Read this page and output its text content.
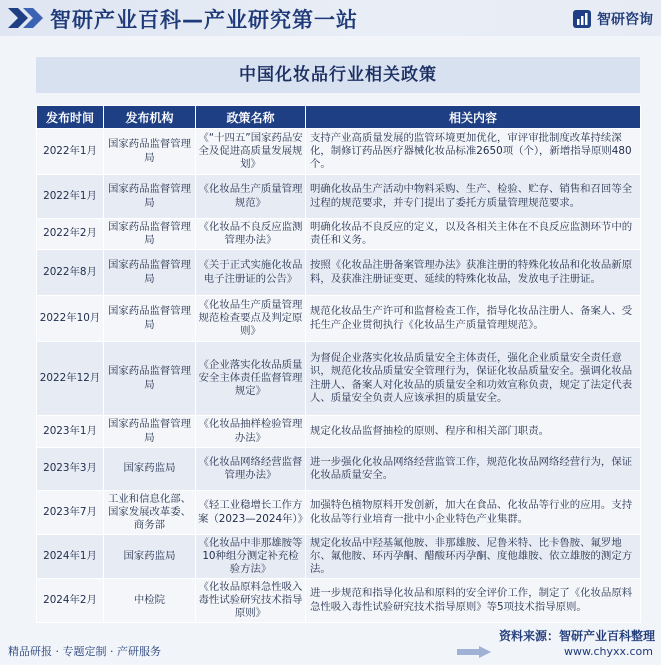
智研产业百科—产业研究第一站	智研咨询
中国化妆品行业相关政策
发布时间	发布机构	政策名称	相关内容
2022年1月	国家药品监督管理局	《“十四五”国家药品安全及促进高质量发展规划》	支持产业高质量发展的监管环境更加优化，审评审批制度改革持续深化，制修订药品医疗器械化妆品标准2650项（个），新增指导原则480个。
2022年1月	国家药品监督管理局	《化妆品生产质量管理规范》	明确化妆品生产活动中物料采购、生产、检验、贮存、销售和召回等全过程的规范要求，并专门提出了委托方质量管理规范要求。
2022年2月	国家药品监督管理局	《化妆品不良反应监测管理办法》	明确化妆品不良反应的定义，以及各相关主体在不良反应监测环节中的责任和义务。
2022年8月	国家药品监督管理局	《关于正式实施化妆品电子注册证的公告》	按照《化妆品注册备案管理办法》获准注册的特殊化妆品和化妆品新原料，及获准注册证变更、延续的特殊化妆品，发放电子注册证。
2022年10月	国家药品监督管理局	《化妆品生产质量管理规范检查要点及判定原则》	规范化妆品生产许可和监督检查工作，指导化妆品注册人、备案人、受托生产企业贯彻执行《化妆品生产质量管理规范》。
2022年12月	国家药品监督管理局	《企业落实化妆品质量安全主体责任监督管理规定》	为督促企业落实化妆品质量安全主体责任，强化企业质量安全责任意识，规范化妆品质量安全管理行为，保证化妆品质量安全。强调化妆品注册人、备案人对化妆品的质量安全和功效宣称负责，规定了法定代表人、质量安全负责人应该承担的质量安全。
2023年1月	国家药品监督管理局	《化妆品抽样检验管理办法》	规定化妆品监督抽检的原则、程序和相关部门职责。
2023年3月	国家药监局	《化妆品网络经营监督管理办法》	进一步强化化妆品网络经营监管工作，规范化妆品网络经营行为，保证化妆品质量安全。
2023年7月	工业和信息化部、国家发展改革委、商务部	《轻工业稳增长工作方案（2023—2024年）》	加强特色植物原料开发创新，加大在食品、化妆品等行业的应用。支持化妆品等行业培育一批中小企业特色产业集群。
2024年1月	国家药监局	《化妆品中非那雄胺等10种组分测定补充检验方法》	规定化妆品中羟基氟他胺、非那雄胺、尼鲁米特、比卡鲁胺、氟罗地尔、氟他胺、环丙孕酮、醋酸环丙孕酮、度他雄胺、依立雄胺的测定方法。
2024年2月	中检院	《化妆品原料急性吸入毒性试验研究技术指导原则》	进一步规范和指导化妆品和原料的安全评价工作，制定了《化妆品原料急性吸入毒性试验研究技术指导原则》等5项技术指导原则。
资料来源：智研产业百科整理
精品研报 · 专题定制 · 产研服务	www.chyxx.com
